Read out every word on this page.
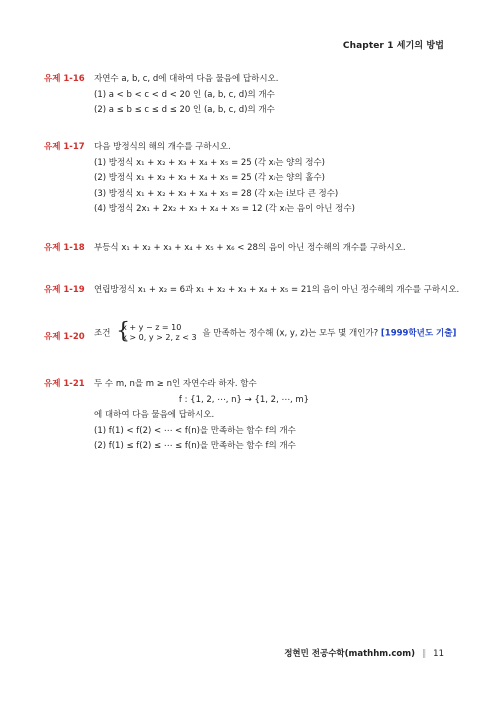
Chapter 1 세기의 방법
유제 1-16 자연수 a, b, c, d에 대하여 다음 물음에 답하시오.
(1) a < b < c < d < 20 인 (a, b, c, d)의 개수
(2) a ≤ b ≤ c ≤ d ≤ 20 인 (a, b, c, d)의 개수
유제 1-17 다음 방정식의 해의 개수를 구하시오.
(1) 방정식 x₁ + x₂ + x₃ + x₄ + x₅ = 25 (각 xᵢ는 양의 정수)
(2) 방정식 x₁ + x₂ + x₃ + x₄ + x₅ = 25 (각 xᵢ는 양의 홀수)
(3) 방정식 x₁ + x₂ + x₃ + x₄ + x₅ = 28 (각 xᵢ는 i보다 큰 정수)
(4) 방정식 2x₁ + 2x₂ + x₃ + x₄ + x₅ = 12 (각 xᵢ는 음이 아닌 정수)
유제 1-18 부등식 x₁ + x₂ + x₃ + x₄ + x₅ + x₆ < 28의 음이 아닌 정수해의 개수를 구하시오.
유제 1-19 연립방정식 x₁ + x₂ = 6과 x₁ + x₂ + x₃ + x₄ + x₅ = 21의 음이 아닌 정수해의 개수를 구하시오.
유제 1-20 조건 {
x + y − z = 10
x > 0, y > 2, z < 3 을 만족하는 정수해 (x, y, z)는 모두 몇 개인가? [1999학년도 기출]
유제 1-21 두 수 m, n을 m ≥ n인 자연수라 하자. 함수
f : {1, 2, ⋯, n} → {1, 2, ⋯, m}
에 대하여 다음 물음에 답하시오.
(1) f(1) < f(2) < ⋯ < f(n)을 만족하는 함수 f의 개수
(2) f(1) ≤ f(2) ≤ ⋯ ≤ f(n)을 만족하는 함수 f의 개수
정현민 전공수학(mathhm.com) ‖ 11
